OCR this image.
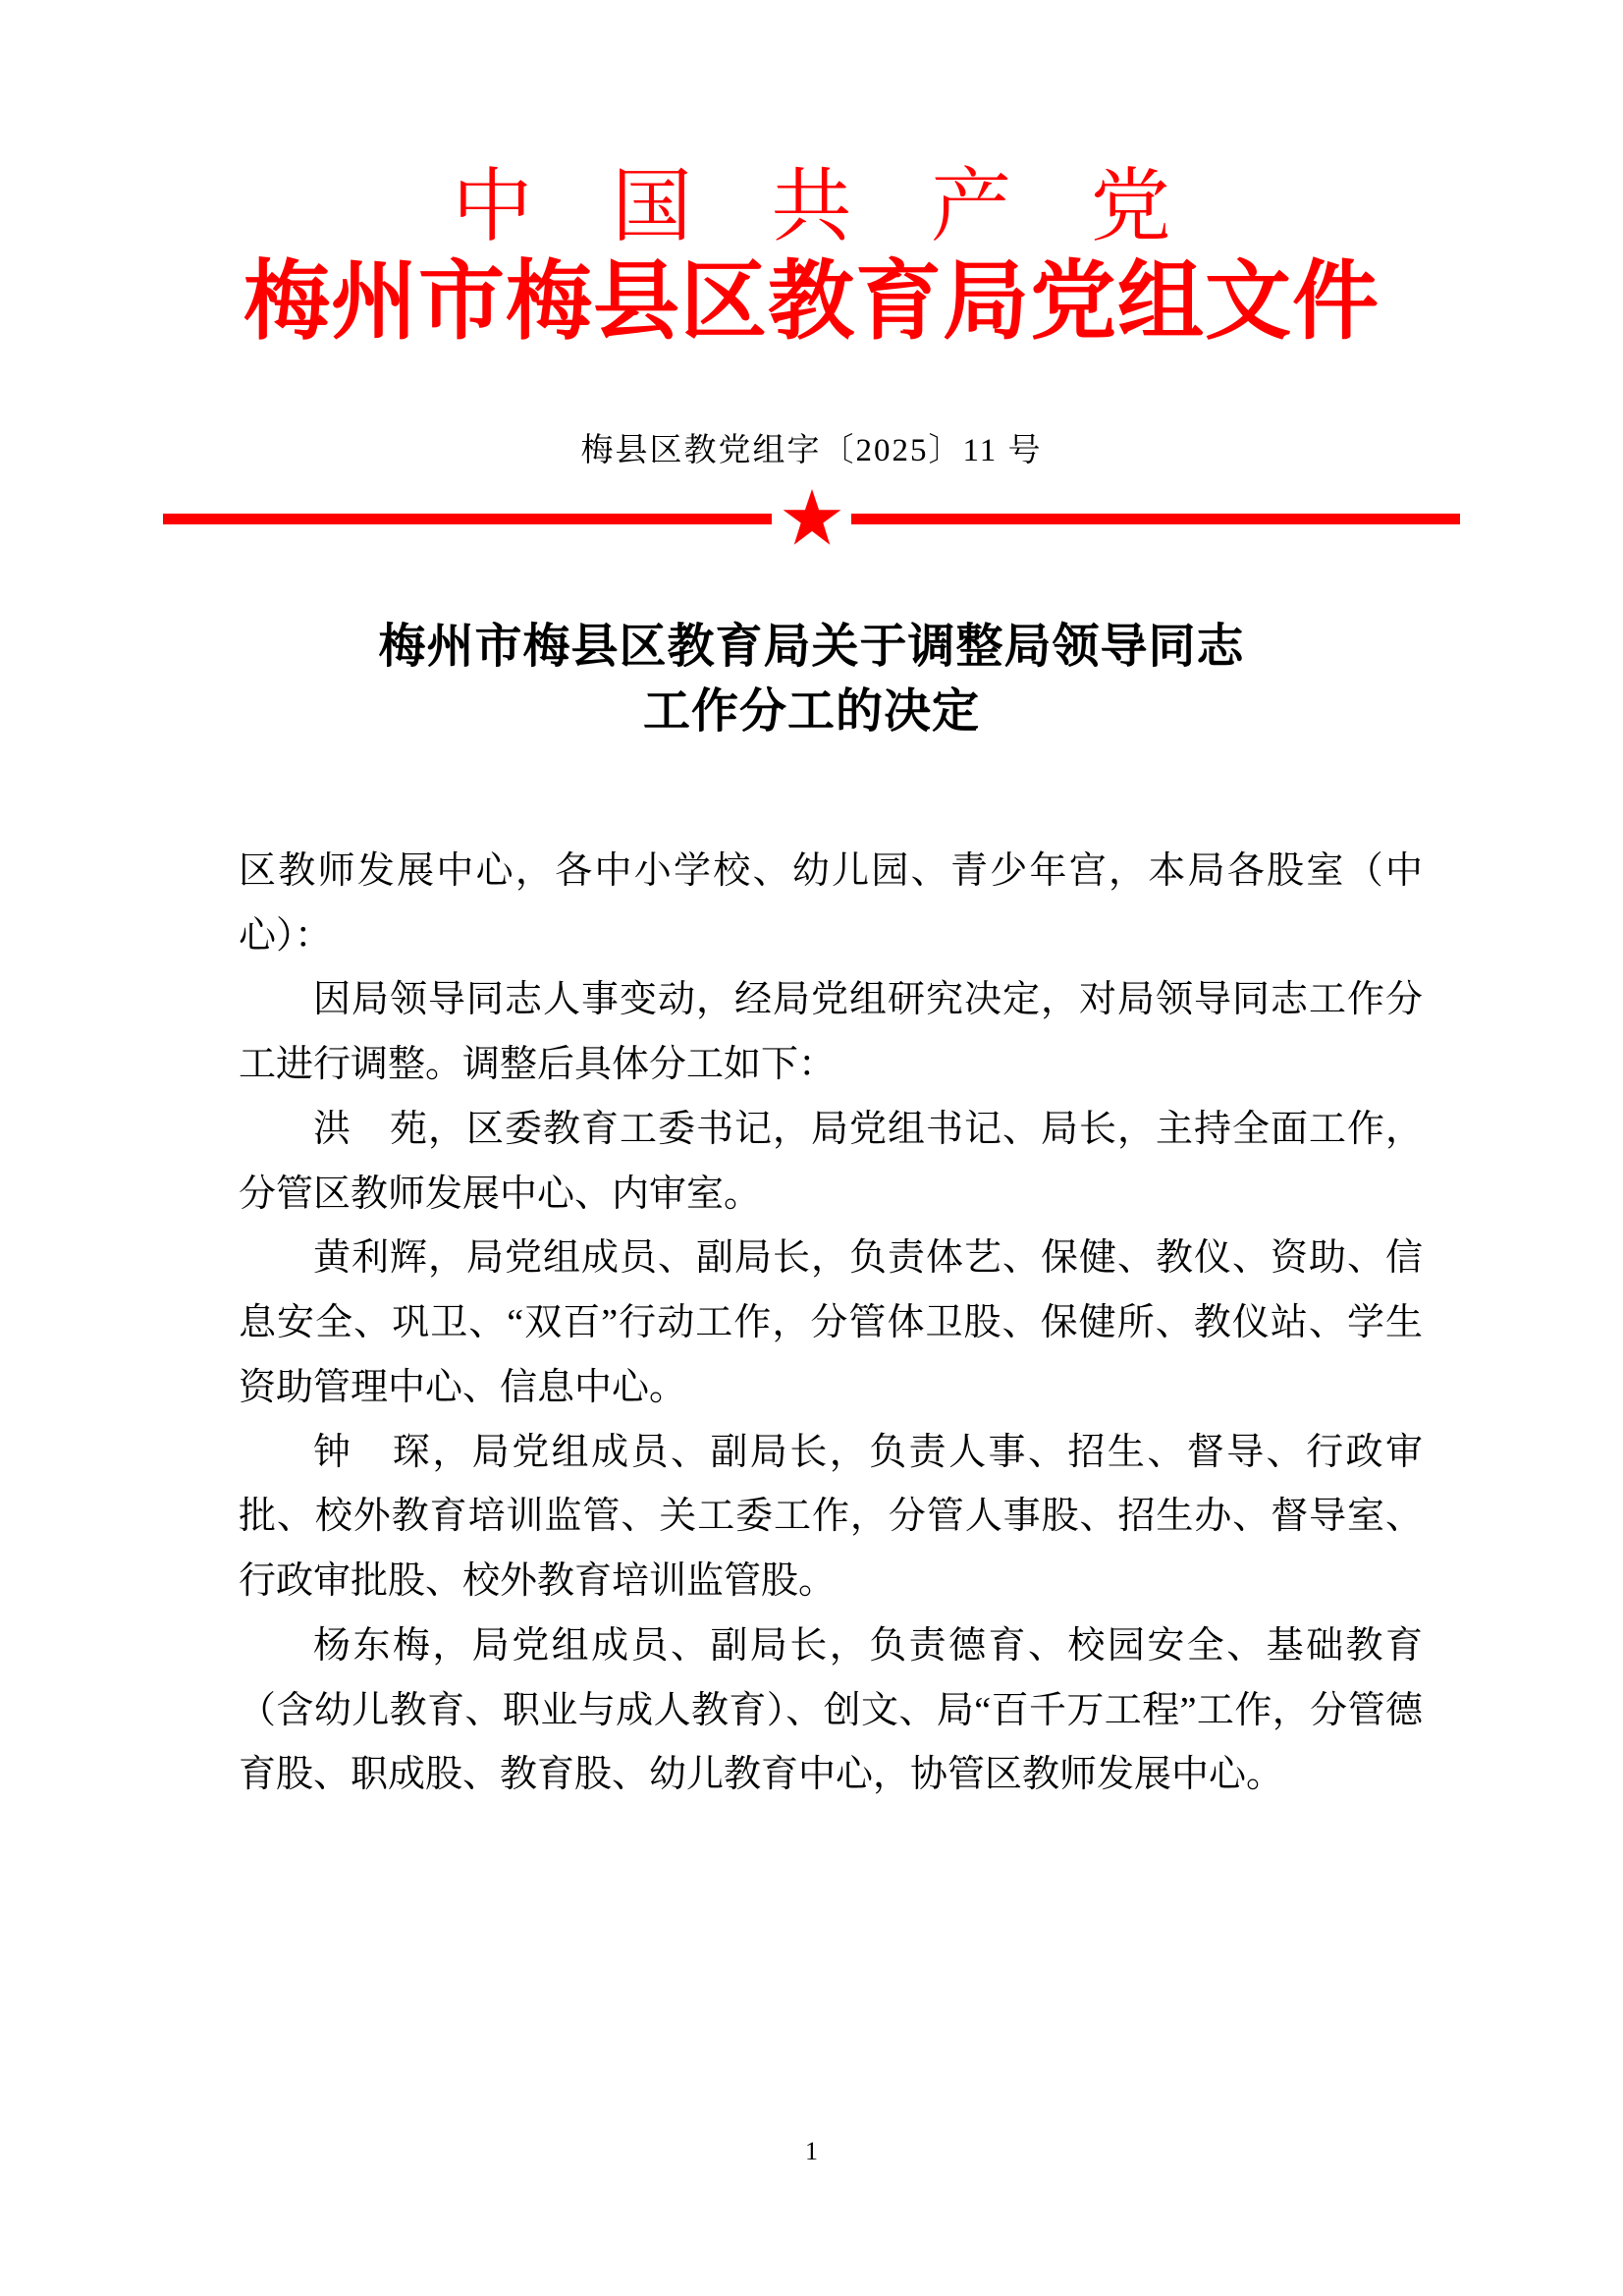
中 国 共 产 党
梅州市梅县区教育局党组文件
梅县区教党组字〔2025〕11 号
梅州市梅县区教育局关于调整局领导同志
工作分工的决定

区教师发展中心，各中小学校、幼儿园、青少年宫，本局各股室（中心）：

因局领导同志人事变动，经局党组研究决定，对局领导同志工作分工进行调整。调整后具体分工如下：

洪　苑，区委教育工委书记，局党组书记、局长，主持全面工作，分管区教师发展中心、内审室。

黄利辉，局党组成员、副局长，负责体艺、保健、教仪、资助、信息安全、巩卫、“双百”行动工作，分管体卫股、保健所、教仪站、学生资助管理中心、信息中心。

钟　琛，局党组成员、副局长，负责人事、招生、督导、行政审批、校外教育培训监管、关工委工作，分管人事股、招生办、督导室、行政审批股、校外教育培训监管股。

杨东梅，局党组成员、副局长，负责德育、校园安全、基础教育（含幼儿教育、职业与成人教育）、创文、局“百千万工程”工作，分管德育股、职成股、教育股、幼儿教育中心，协管区教师发展中心。

1
